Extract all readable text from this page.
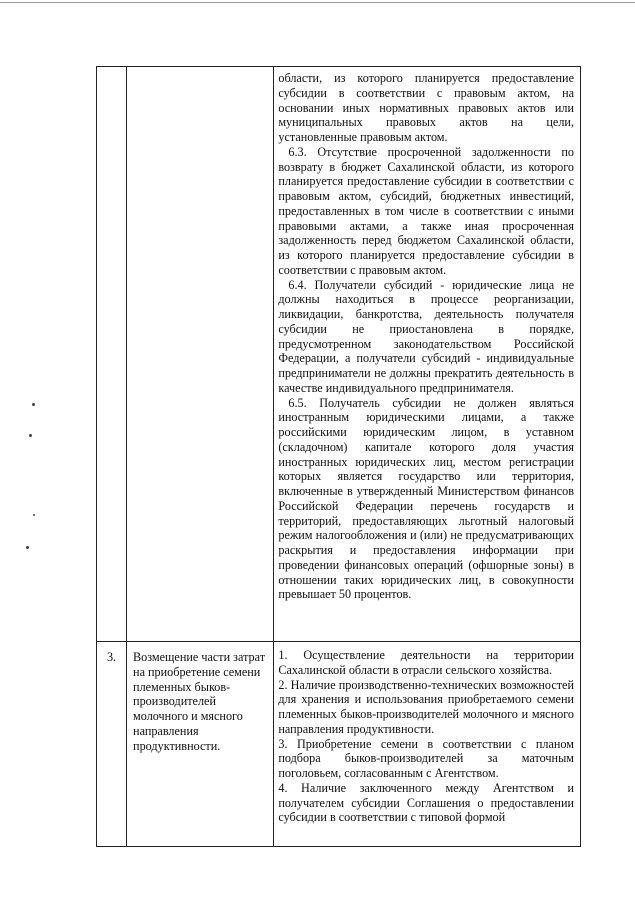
		области, из которого планируется предоставление субсидии в соответствии с правовым актом, на основании иных нормативных правовых актов или муниципальных правовых актов на цели, установленные правовым актом.

6.3. Отсутствие просроченной задолженности по возврату в бюджет Сахалинской области, из которого планируется предоставление субсидии в соответствии с правовым актом, субсидий, бюджетных инвестиций, предоставленных в том числе в соответствии с иными правовыми актами, а также иная просроченная задолженность перед бюджетом Сахалинской области, из которого планируется предоставление субсидии в соответствии с правовым актом.

6.4. Получатели субсидий - юридические лица не должны находиться в процессе реорганизации, ликвидации, банкротства, деятельность получателя субсидии не приостановлена в порядке, предусмотренном законодательством Российской Федерации, а получатели субсидий - индивидуальные предприниматели не должны прекратить деятельность в качестве индивидуального предпринимателя.

6.5. Получатель субсидии не должен являться иностранным юридическими лицами, а также российскими юридическим лицом, в уставном (складочном) капитале которого доля участия иностранных юридических лиц, местом регистрации которых является государство или территория, включенные в утвержденный Министерством финансов Российской Федерации перечень государств и территорий, предоставляющих льготный налоговый режим налогообложения и (или) не предусматривающих раскрытия и предоставления информации при проведении финансовых операций (офшорные зоны) в отношении таких юридических лиц, в совокупности превышает 50 процентов.

3.	Возмещение части затрат на приобретение семени племенных быков-производителей молочного и мясного направления продуктивности.	1. Осуществление деятельности на территории Сахалинской области в отрасли сельского хозяйства.

2. Наличие производственно-технических возможностей для хранения и использования приобретаемого семени племенных быков-производителей молочного и мясного направления продуктивности.

3. Приобретение семени в соответствии с планом подбора быков-производителей за маточным поголовьем, согласованным с Агентством.

4. Наличие заключенного между Агентством и получателем субсидии Соглашения о предоставлении субсидии в соответствии с типовой формой
